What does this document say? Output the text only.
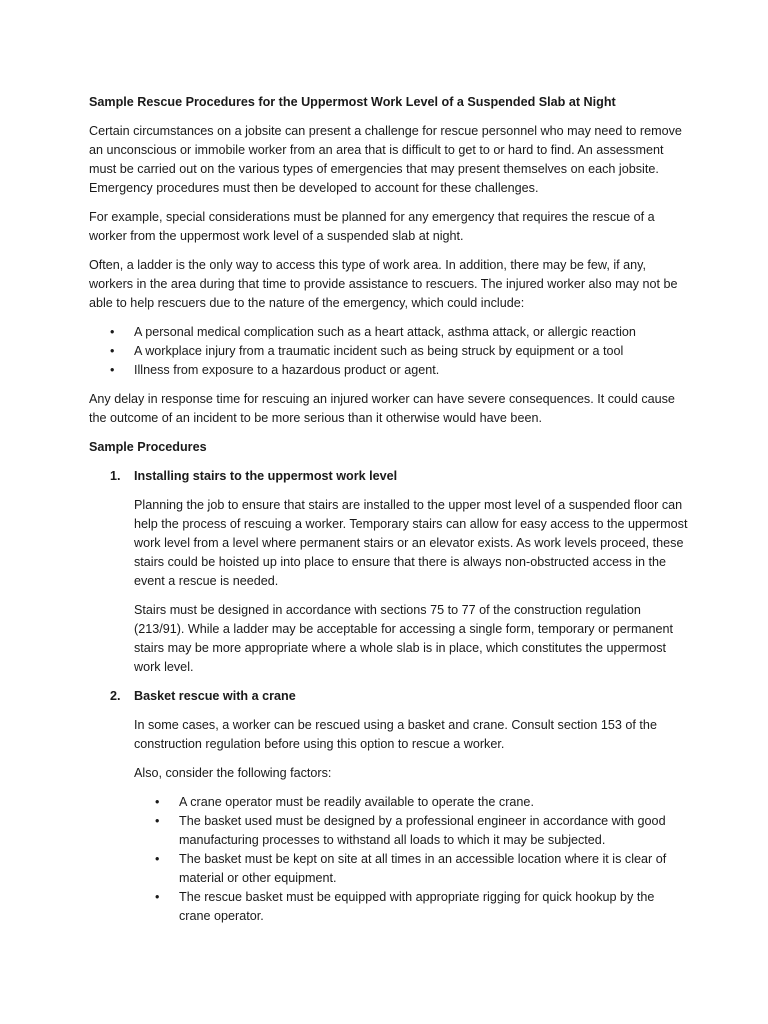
Sample Rescue Procedures for the Uppermost Work Level of a Suspended Slab at Night

Certain circumstances on a jobsite can present a challenge for rescue personnel who may need to remove an unconscious or immobile worker from an area that is difficult to get to or hard to find. An assessment must be carried out on the various types of emergencies that may present themselves on each jobsite. Emergency procedures must then be developed to account for these challenges.

For example, special considerations must be planned for any emergency that requires the rescue of a worker from the uppermost work level of a suspended slab at night.

Often, a ladder is the only way to access this type of work area. In addition, there may be few, if any, workers in the area during that time to provide assistance to rescuers. The injured worker also may not be able to help rescuers due to the nature of the emergency, which could include:

• A personal medical complication such as a heart attack, asthma attack, or allergic reaction
• A workplace injury from a traumatic incident such as being struck by equipment or a tool
• Illness from exposure to a hazardous product or agent.

Any delay in response time for rescuing an injured worker can have severe consequences. It could cause the outcome of an incident to be more serious than it otherwise would have been.

Sample Procedures
1. Installing stairs to the uppermost work level

Planning the job to ensure that stairs are installed to the upper most level of a suspended floor can help the process of rescuing a worker. Temporary stairs can allow for easy access to the uppermost work level from a level where permanent stairs or an elevator exists. As work levels proceed, these stairs could be hoisted up into place to ensure that there is always non-obstructed access in the event a rescue is needed.

Stairs must be designed in accordance with sections 75 to 77 of the construction regulation (213/91). While a ladder may be acceptable for accessing a single form, temporary or permanent stairs may be more appropriate where a whole slab is in place, which constitutes the uppermost work level.

2. Basket rescue with a crane

In some cases, a worker can be rescued using a basket and crane. Consult section 153 of the construction regulation before using this option to rescue a worker.

Also, consider the following factors:

• A crane operator must be readily available to operate the crane.
• The basket used must be designed by a professional engineer in accordance with good manufacturing processes to withstand all loads to which it may be subjected.
• The basket must be kept on site at all times in an accessible location where it is clear of material or other equipment.
• The rescue basket must be equipped with appropriate rigging for quick hookup by the crane operator.
